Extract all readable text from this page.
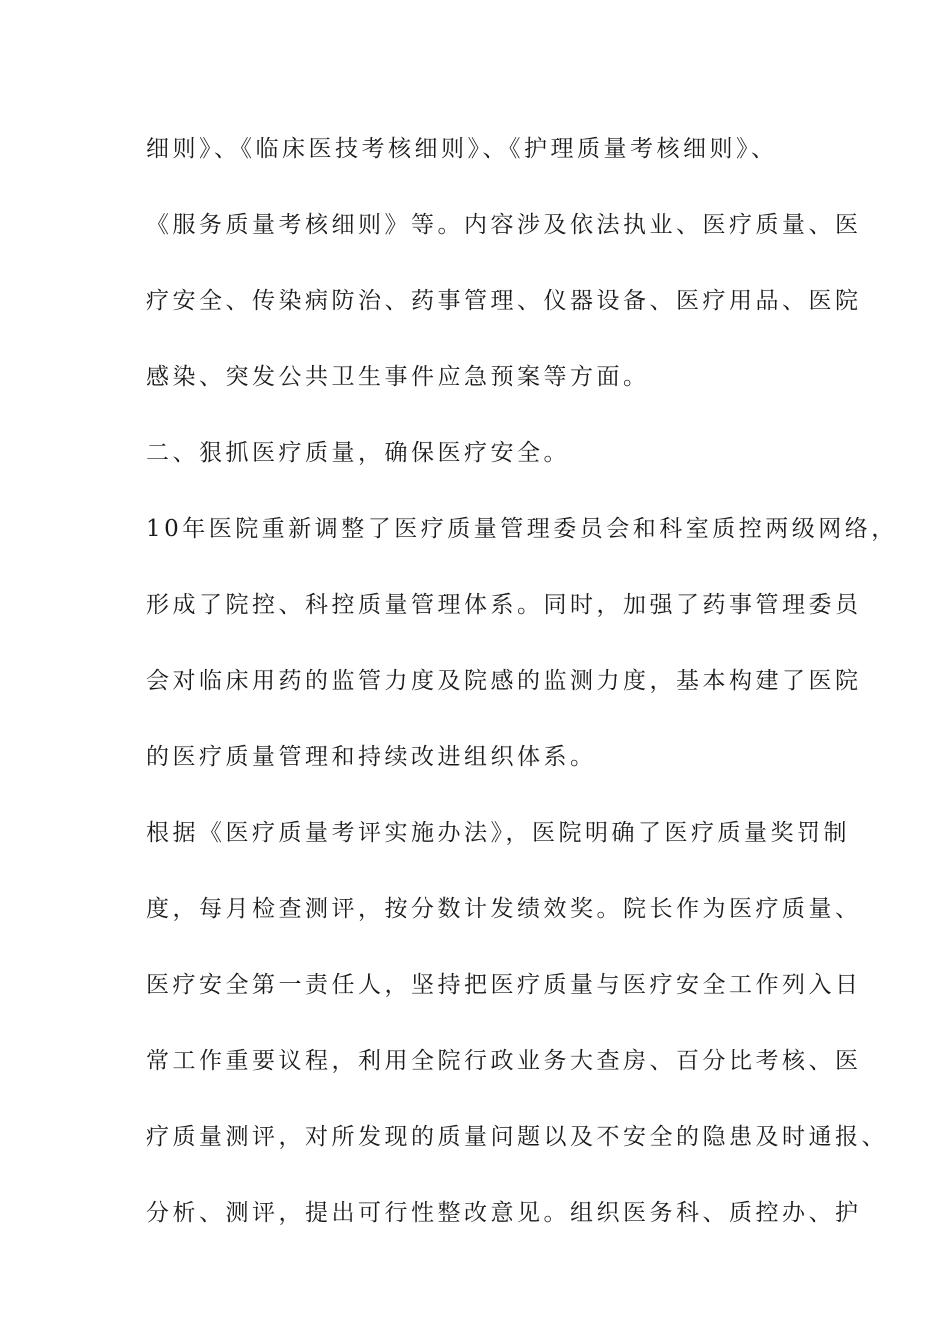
细则》、《临床医技考核细则》、《护理质量考核细则》、
《服务质量考核细则》等。内容涉及依法执业、医疗质量、医
疗安全、传染病防治、药事管理、仪器设备、医疗用品、医院
感染、突发公共卫生事件应急预案等方面。
二、狠抓医疗质量，确保医疗安全。
10年医院重新调整了医疗质量管理委员会和科室质控两级网络，
形成了院控、科控质量管理体系。同时，加强了药事管理委员
会对临床用药的监管力度及院感的监测力度，基本构建了医院
的医疗质量管理和持续改进组织体系。
根据《医疗质量考评实施办法》，医院明确了医疗质量奖罚制
度，每月检查测评，按分数计发绩效奖。院长作为医疗质量、
医疗安全第一责任人，坚持把医疗质量与医疗安全工作列入日
常工作重要议程，利用全院行政业务大查房、百分比考核、医
疗质量测评，对所发现的质量问题以及不安全的隐患及时通报、
分析、测评，提出可行性整改意见。组织医务科、质控办、护
